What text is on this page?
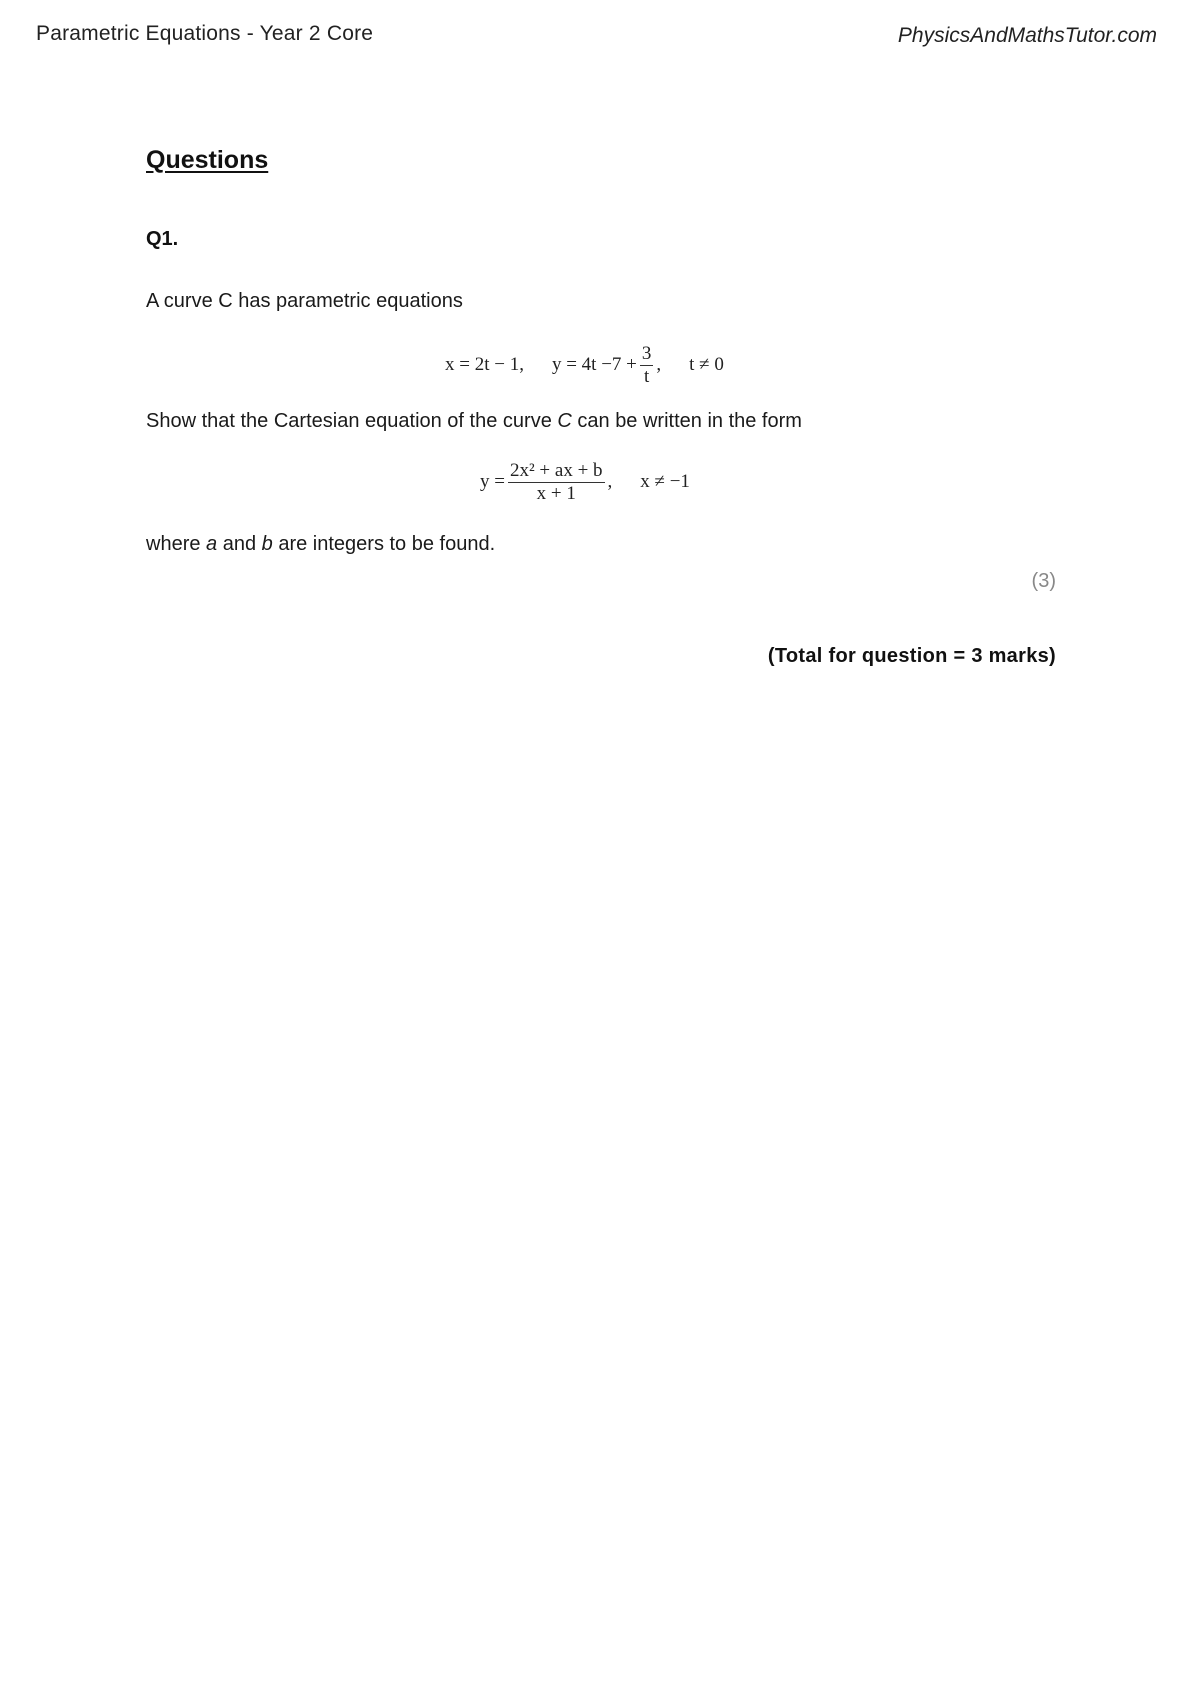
Parametric Equations - Year 2 Core	PhysicsAndMathsTutor.com
Questions
Q1.
A curve C has parametric equations
x = 2t − 1, $y = 4t -7 + \frac{3}{t}$ , t ≠ 0
Show that the Cartesian equation of the curve C can be written in the form
$y = \frac{\text{2x² + ax + b}}{x + 1}$ , x ≠ −1
where a and b are integers to be found.
(3)
(Total for question = 3 marks)
